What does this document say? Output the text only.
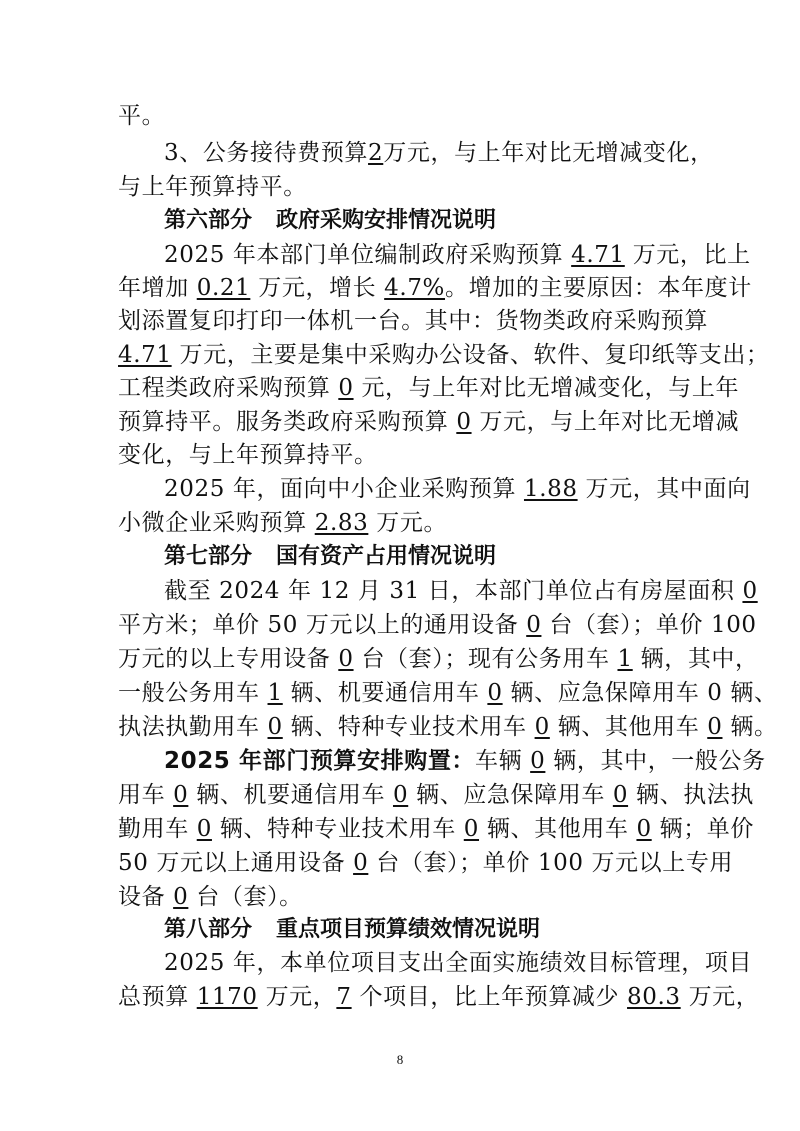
平。
3、公务接待费预算2万元，与上年对比无增减变化，
与上年预算持平。
第六部分 政府采购安排情况说明
2025 年本部门单位编制政府采购预算 4.71 万元，比上
年增加 0.21 万元，增长 4.7%。增加的主要原因：本年度计
划添置复印打印一体机一台。其中：货物类政府采购预算
4.71 万元，主要是集中采购办公设备、软件、复印纸等支出；
工程类政府采购预算 0 元，与上年对比无增减变化，与上年
预算持平。服务类政府采购预算 0 万元，与上年对比无增减
变化，与上年预算持平。
2025 年，面向中小企业采购预算 1.88 万元，其中面向
小微企业采购预算 2.83 万元。
第七部分 国有资产占用情况说明
截至 2024 年 12 月 31 日，本部门单位占有房屋面积 0
平方米；单价 50 万元以上的通用设备 0 台（套）；单价 100
万元的以上专用设备 0 台（套）；现有公务用车 1 辆，其中，
一般公务用车 1 辆、机要通信用车 0 辆、应急保障用车 0 辆、
执法执勤用车 0 辆、特种专业技术用车 0 辆、其他用车 0 辆。
2025 年部门预算安排购置：车辆 0 辆，其中，一般公务
用车 0 辆、机要通信用车 0 辆、应急保障用车 0 辆、执法执
勤用车 0 辆、特种专业技术用车 0 辆、其他用车 0 辆；单价
50 万元以上通用设备 0 台（套）；单价 100 万元以上专用
设备 0 台（套）。
第八部分 重点项目预算绩效情况说明
2025 年，本单位项目支出全面实施绩效目标管理，项目
总预算 1170 万元，7 个项目，比上年预算减少 80.3 万元，
8
